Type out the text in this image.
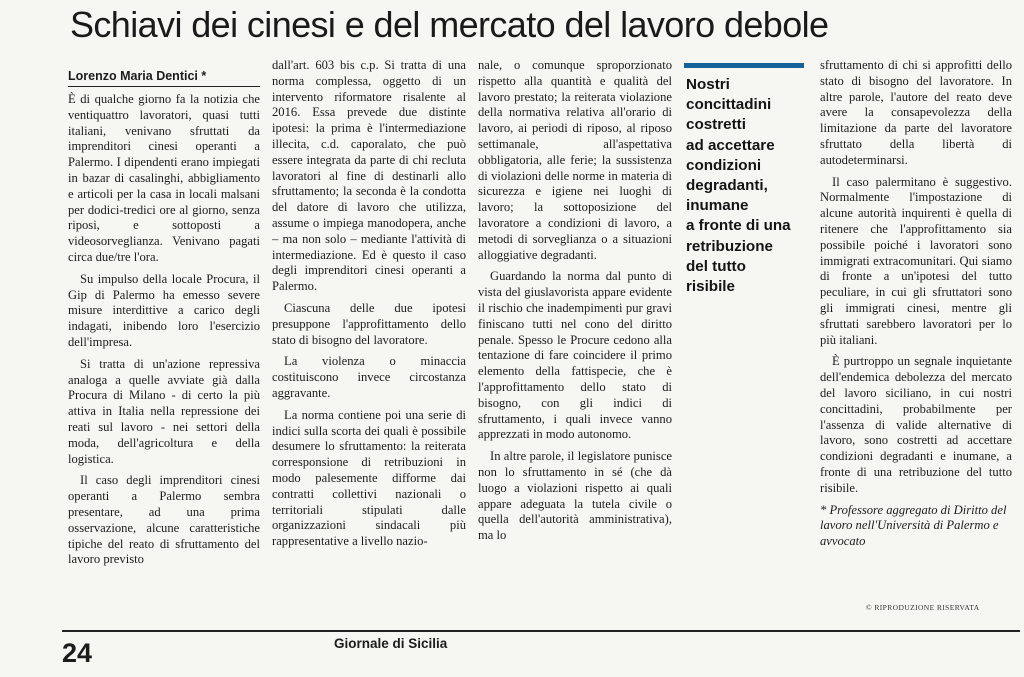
Schiavi dei cinesi e del mercato del lavoro debole
Lorenzo Maria Dentici *

È di qualche giorno fa la notizia che ventiquattro lavoratori, quasi tutti italiani, venivano sfruttati da imprenditori cinesi operanti a Palermo. I dipendenti erano impiegati in bazar di casalinghi, abbigliamento e articoli per la casa in locali malsani per dodici-tredici ore al giorno, senza riposi, e sottoposti a videosorveglianza. Venivano pagati circa due/tre l'ora.

Su impulso della locale Procura, il Gip di Palermo ha emesso severe misure interdittive a carico degli indagati, inibendo loro l'esercizio dell'impresa.

Si tratta di un'azione repressiva analoga a quelle avviate già dalla Procura di Milano - di certo la più attiva in Italia nella repressione dei reati sul lavoro - nei settori della moda, dell'agricoltura e della logistica.

Il caso degli imprenditori cinesi operanti a Palermo sembra presentare, ad una prima osservazione, alcune caratteristiche tipiche del reato di sfruttamento del lavoro previsto

dall'art. 603 bis c.p. Si tratta di una norma complessa, oggetto di un intervento riformatore risalente al 2016. Essa prevede due distinte ipotesi: la prima è l'intermediazione illecita, c.d. caporalato, che può essere integrata da parte di chi recluta lavoratori al fine di destinarli allo sfruttamento; la seconda è la condotta del datore di lavoro che utilizza, assume o impiega manodopera, anche – ma non solo – mediante l'attività di intermediazione. Ed è questo il caso degli imprenditori cinesi operanti a Palermo.

Ciascuna delle due ipotesi presuppone l'approfittamento dello stato di bisogno del lavoratore.

La violenza o minaccia costituiscono invece circostanza aggravante.

La norma contiene poi una serie di indici sulla scorta dei quali è possibile desumere lo sfruttamento: la reiterata corresponsione di retribuzioni in modo palesemente difforme dai contratti collettivi nazionali o territoriali stipulati dalle organizzazioni sindacali più rappresentative a livello nazio-

nale, o comunque sproporzionato rispetto alla quantità e qualità del lavoro prestato; la reiterata violazione della normativa relativa all'orario di lavoro, ai periodi di riposo, al riposo settimanale, all'aspettativa obbligatoria, alle ferie; la sussistenza di violazioni delle norme in materia di sicurezza e igiene nei luoghi di lavoro; la sottoposizione del lavoratore a condizioni di lavoro, a metodi di sorveglianza o a situazioni alloggiative degradanti.

Guardando la norma dal punto di vista del giuslavorista appare evidente il rischio che inadempimenti pur gravi finiscano tutti nel cono del diritto penale. Spesso le Procure cedono alla tentazione di fare coincidere il primo elemento della fattispecie, che è l'approfittamento dello stato di bisogno, con gli indici di sfruttamento, i quali invece vanno apprezzati in modo autonomo.

In altre parole, il legislatore punisce non lo sfruttamento in sé (che dà luogo a violazioni rispetto ai quali appare adeguata la tutela civile o quella dell'autorità amministrativa), ma lo

Nostri
concittadini
costretti
ad accettare
condizioni
degradanti,
inumane
a fronte di una
retribuzione
del tutto
risibile

sfruttamento di chi si approfitti dello stato di bisogno del lavoratore. In altre parole, l'autore del reato deve avere la consapevolezza della limitazione da parte del lavoratore sfruttato della libertà di autodeterminarsi.

Il caso palermitano è suggestivo. Normalmente l'impostazione di alcune autorità inquirenti è quella di ritenere che l'approfittamento sia possibile poiché i lavoratori sono immigrati extracomunitari. Qui siamo di fronte a un'ipotesi del tutto peculiare, in cui gli sfruttatori sono gli immigrati cinesi, mentre gli sfruttati sarebbero lavoratori per lo più italiani.

È purtroppo un segnale inquietante dell'endemica debolezza del mercato del lavoro siciliano, in cui nostri concittadini, probabilmente per l'assenza di valide alternative di lavoro, sono costretti ad accettare condizioni degradanti e inumane, a fronte di una retribuzione del tutto risibile.

* Professore aggregato di Diritto del lavoro nell'Università di Palermo e avvocato
© RIPRODUZIONE RISERVATA
24	Giornale di Sicilia
